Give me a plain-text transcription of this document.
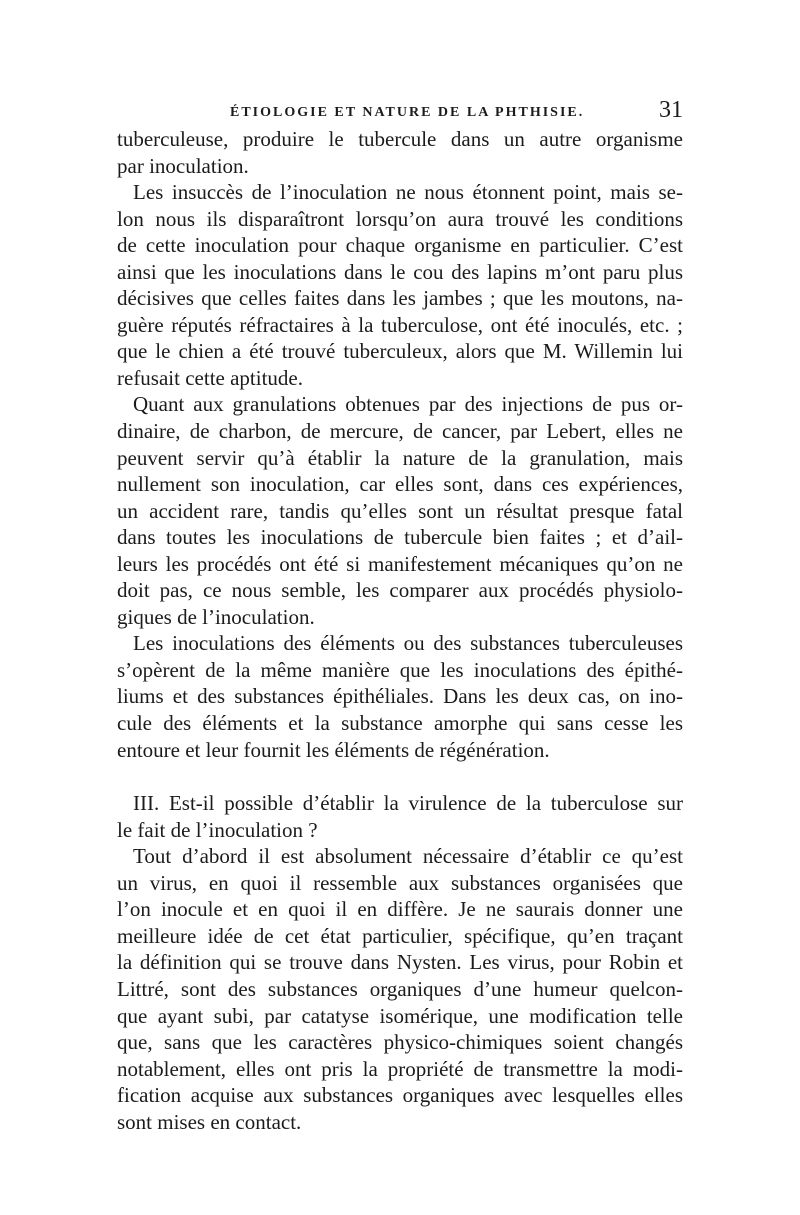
ÉTIOLOGIE ET NATURE DE LA PHTHISIE.	31
tuberculeuse, produire le tubercule dans un autre organisme
par inoculation.
Les insuccès de l’inoculation ne nous étonnent point, mais se-
lon nous ils disparaîtront lorsqu’on aura trouvé les conditions
de cette inoculation pour chaque organisme en particulier. C’est
ainsi que les inoculations dans le cou des lapins m’ont paru plus
décisives que celles faites dans les jambes ; que les moutons, na-
guère réputés réfractaires à la tuberculose, ont été inoculés, etc. ;
que le chien a été trouvé tuberculeux, alors que M. Willemin lui
refusait cette aptitude.
Quant aux granulations obtenues par des injections de pus or-
dinaire, de charbon, de mercure, de cancer, par Lebert, elles ne
peuvent servir qu’à établir la nature de la granulation, mais
nullement son inoculation, car elles sont, dans ces expériences,
un accident rare, tandis qu’elles sont un résultat presque fatal
dans toutes les inoculations de tubercule bien faites ; et d’ail-
leurs les procédés ont été si manifestement mécaniques qu’on ne
doit pas, ce nous semble, les comparer aux procédés physiolo-
giques de l’inoculation.
Les inoculations des éléments ou des substances tuberculeuses
s’opèrent de la même manière que les inoculations des épithé-
liums et des substances épithéliales. Dans les deux cas, on ino-
cule des éléments et la substance amorphe qui sans cesse les
entoure et leur fournit les éléments de régénération.
III. Est-il possible d’établir la virulence de la tuberculose sur
le fait de l’inoculation ?
Tout d’abord il est absolument nécessaire d’établir ce qu’est
un virus, en quoi il ressemble aux substances organisées que
l’on inocule et en quoi il en diffère. Je ne saurais donner une
meilleure idée de cet état particulier, spécifique, qu’en traçant
la définition qui se trouve dans Nysten. Les virus, pour Robin et
Littré, sont des substances organiques d’une humeur quelcon-
que ayant subi, par catatyse isomérique, une modification telle
que, sans que les caractères physico-chimiques soient changés
notablement, elles ont pris la propriété de transmettre la modi-
fication acquise aux substances organiques avec lesquelles elles
sont mises en contact.
